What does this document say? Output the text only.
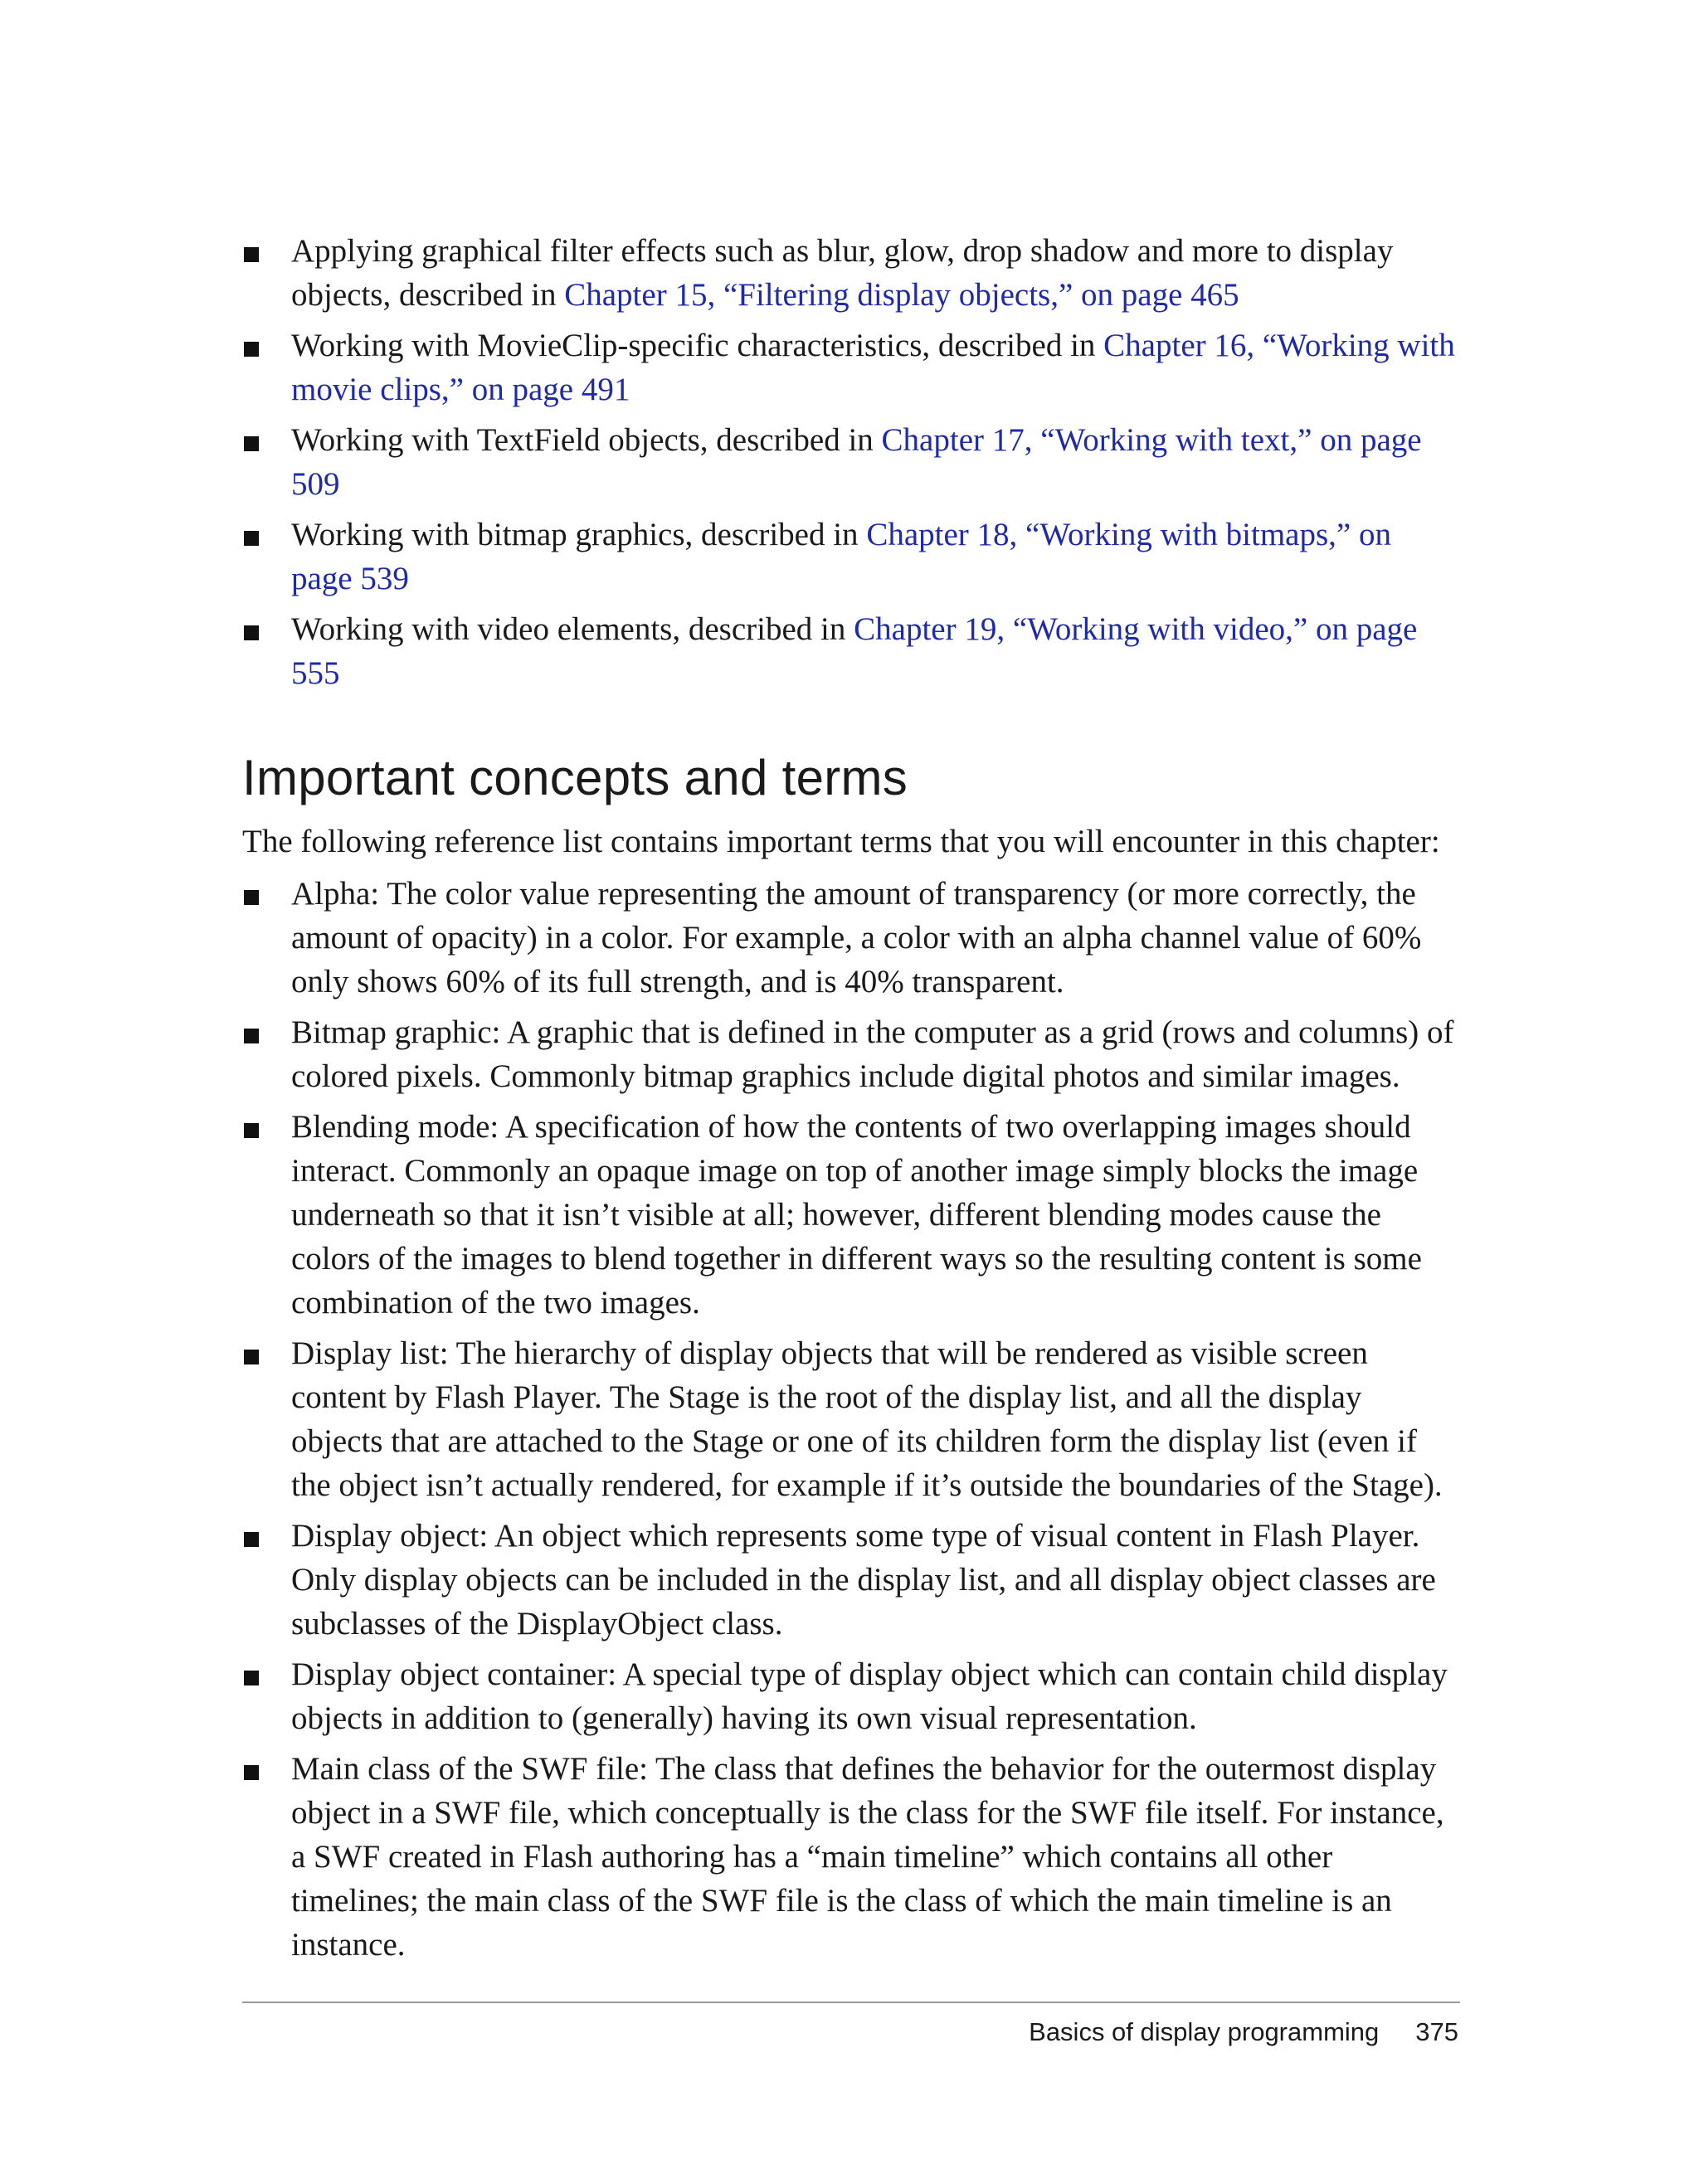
Applying graphical filter effects such as blur, glow, drop shadow and more to display objects, described in Chapter 15, “Filtering display objects,” on page 465
Working with MovieClip-specific characteristics, described in Chapter 16, “Working with movie clips,” on page 491
Working with TextField objects, described in Chapter 17, “Working with text,” on page 509
Working with bitmap graphics, described in Chapter 18, “Working with bitmaps,” on page 539
Working with video elements, described in Chapter 19, “Working with video,” on page 555
Important concepts and terms

The following reference list contains important terms that you will encounter in this chapter:

Alpha: The color value representing the amount of transparency (or more correctly, the amount of opacity) in a color. For example, a color with an alpha channel value of 60% only shows 60% of its full strength, and is 40% transparent.
Bitmap graphic: A graphic that is defined in the computer as a grid (rows and columns) of colored pixels. Commonly bitmap graphics include digital photos and similar images.
Blending mode: A specification of how the contents of two overlapping images should interact. Commonly an opaque image on top of another image simply blocks the image underneath so that it isn’t visible at all; however, different blending modes cause the colors of the images to blend together in different ways so the resulting content is some combination of the two images.
Display list: The hierarchy of display objects that will be rendered as visible screen content by Flash Player. The Stage is the root of the display list, and all the display objects that are attached to the Stage or one of its children form the display list (even if the object isn’t actually rendered, for example if it’s outside the boundaries of the Stage).
Display object: An object which represents some type of visual content in Flash Player. Only display objects can be included in the display list, and all display object classes are subclasses of the DisplayObject class.
Display object container: A special type of display object which can contain child display objects in addition to (generally) having its own visual representation.
Main class of the SWF file: The class that defines the behavior for the outermost display object in a SWF file, which conceptually is the class for the SWF file itself. For instance, a SWF created in Flash authoring has a “main timeline” which contains all other timelines; the main class of the SWF file is the class of which the main timeline is an instance.
Basics of display programming 375
